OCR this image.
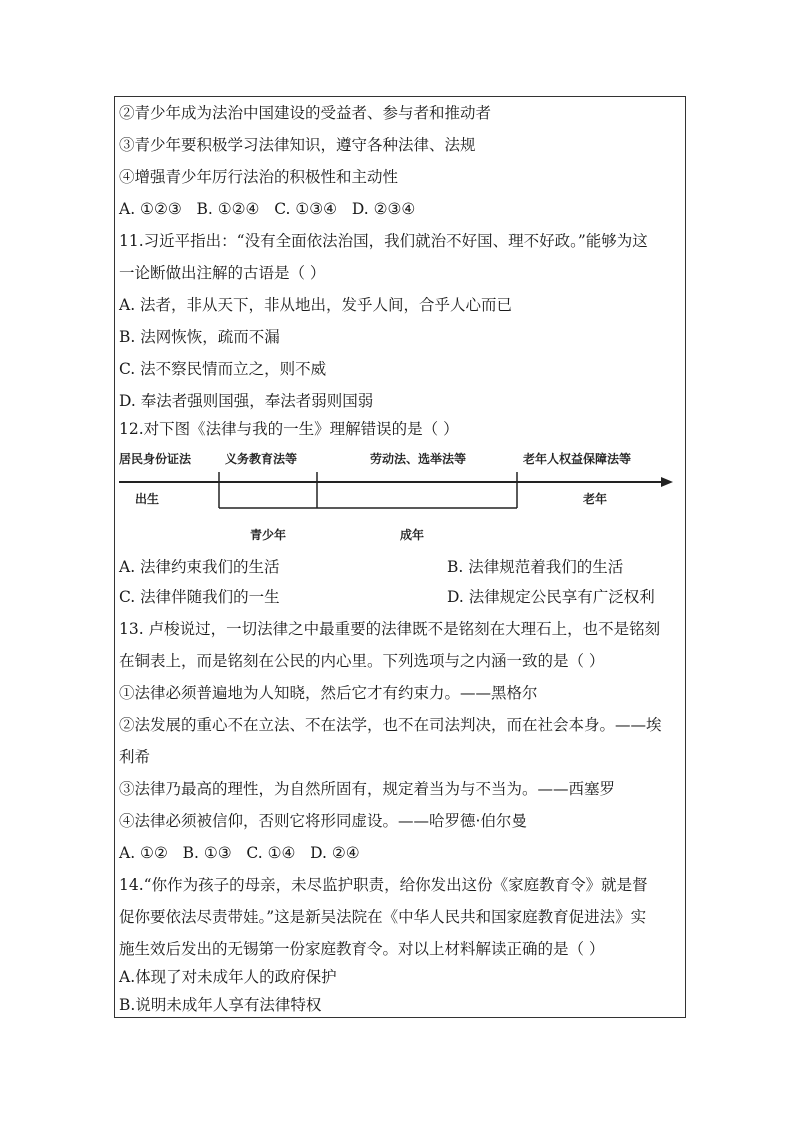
②青少年成为法治中国建设的受益者、参与者和推动者
③青少年要积极学习法律知识，遵守各种法律、法规
④增强青少年厉行法治的积极性和主动性
A. ①②③   B. ①②④   C. ①③④   D. ②③④
11.习近平指出：“没有全面依法治国，我们就治不好国、理不好政。”能够为这
一论断做出注解的古语是（ ）
A. 法者，非从天下，非从地出，发乎人间，合乎人心而已
B. 法网恢恢，疏而不漏
C. 法不察民情而立之，则不威
D. 奉法者强则国强，奉法者弱则国弱
12.对下图《法律与我的一生》理解错误的是（ ）
居民身份证法	义务教育法等	劳动法、选举法等	老年人权益保障法等
出生
青少年	成年
老年
A. 法律约束我们的生活	B. 法律规范着我们的生活
C. 法律伴随我们的一生	D. 法律规定公民享有广泛权利
13. 卢梭说过，一切法律之中最重要的法律既不是铭刻在大理石上，也不是铭刻
在铜表上，而是铭刻在公民的内心里。下列选项与之内涵一致的是（ ）
①法律必须普遍地为人知晓，然后它才有约束力。——黑格尔
②法发展的重心不在立法、不在法学，也不在司法判决，而在社会本身。——埃
利希
③法律乃最高的理性，为自然所固有，规定着当为与不当为。——西塞罗
④法律必须被信仰，否则它将形同虚设。——哈罗德·伯尔曼
A. ①②   B. ①③   C. ①④   D. ②④
14.“你作为孩子的母亲，未尽监护职责，给你发出这份《家庭教育令》就是督
促你要依法尽责带娃。”这是新吴法院在《中华人民共和国家庭教育促进法》实
施生效后发出的无锡第一份家庭教育令。对以上材料解读正确的是（ ）
A.体现了对未成年人的政府保护
B.说明未成年人享有法律特权
